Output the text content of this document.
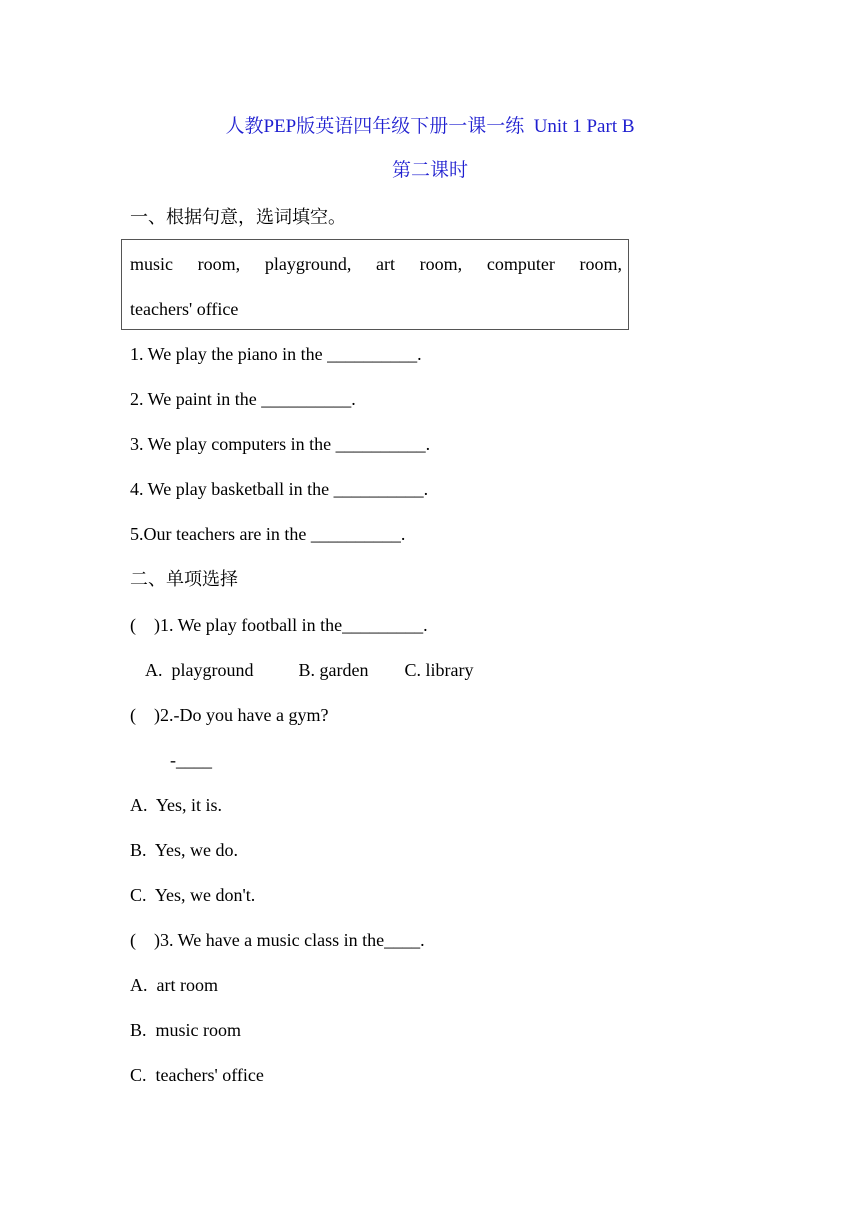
人教PEP版英语四年级下册一课一练  Unit 1 Part B
第二课时
一、根据句意，选词填空。
music room, playground, art room, computer room,
teachers' office
1. We play the piano in the __________.
2. We paint in the __________.
3. We play computers in the __________.
4. We play basketball in the __________.
5.Our teachers are in the __________.
二、单项选择
(    )1. We play football in the_________.
A.  playground          B. garden        C. library
(    )2.-Do you have a gym?
-____
A.  Yes, it is.
B.  Yes, we do.
C.  Yes, we don't.
(    )3. We have a music class in the____.
A.  art room
B.  music room
C.  teachers' office
